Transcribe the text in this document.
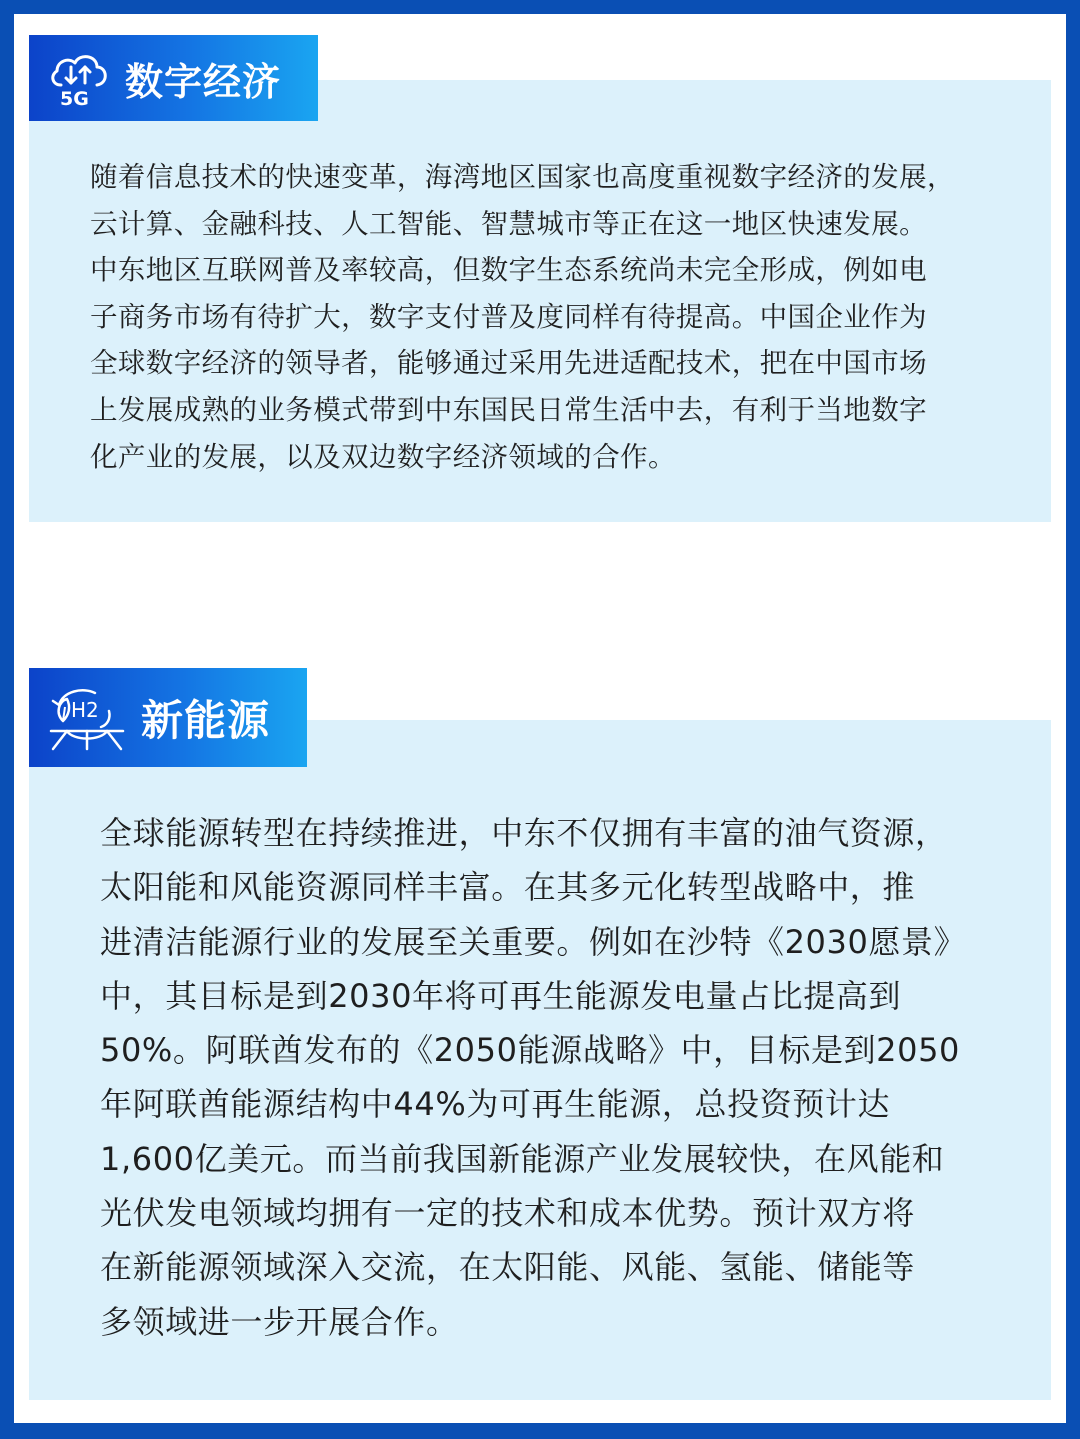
5G 数字经济
随着信息技术的快速变革，海湾地区国家也高度重视数字经济的发展，
云计算、金融科技、人工智能、智慧城市等正在这一地区快速发展。
中东地区互联网普及率较高，但数字生态系统尚未完全形成，例如电
子商务市场有待扩大，数字支付普及度同样有待提高。中国企业作为
全球数字经济的领导者，能够通过采用先进适配技术，把在中国市场
上发展成熟的业务模式带到中东国民日常生活中去，有利于当地数字
化产业的发展，以及双边数字经济领域的合作。
H2 新能源
全球能源转型在持续推进，中东不仅拥有丰富的油气资源，
太阳能和风能资源同样丰富。在其多元化转型战略中，推
进清洁能源行业的发展至关重要。例如在沙特《2030愿景》
中，其目标是到2030年将可再生能源发电量占比提高到
50%。阿联酋发布的《2050能源战略》中，目标是到2050
年阿联酋能源结构中44%为可再生能源，总投资预计达
1,600亿美元。而当前我国新能源产业发展较快，在风能和
光伏发电领域均拥有一定的技术和成本优势。预计双方将
在新能源领域深入交流，在太阳能、风能、氢能、储能等
多领域进一步开展合作。
